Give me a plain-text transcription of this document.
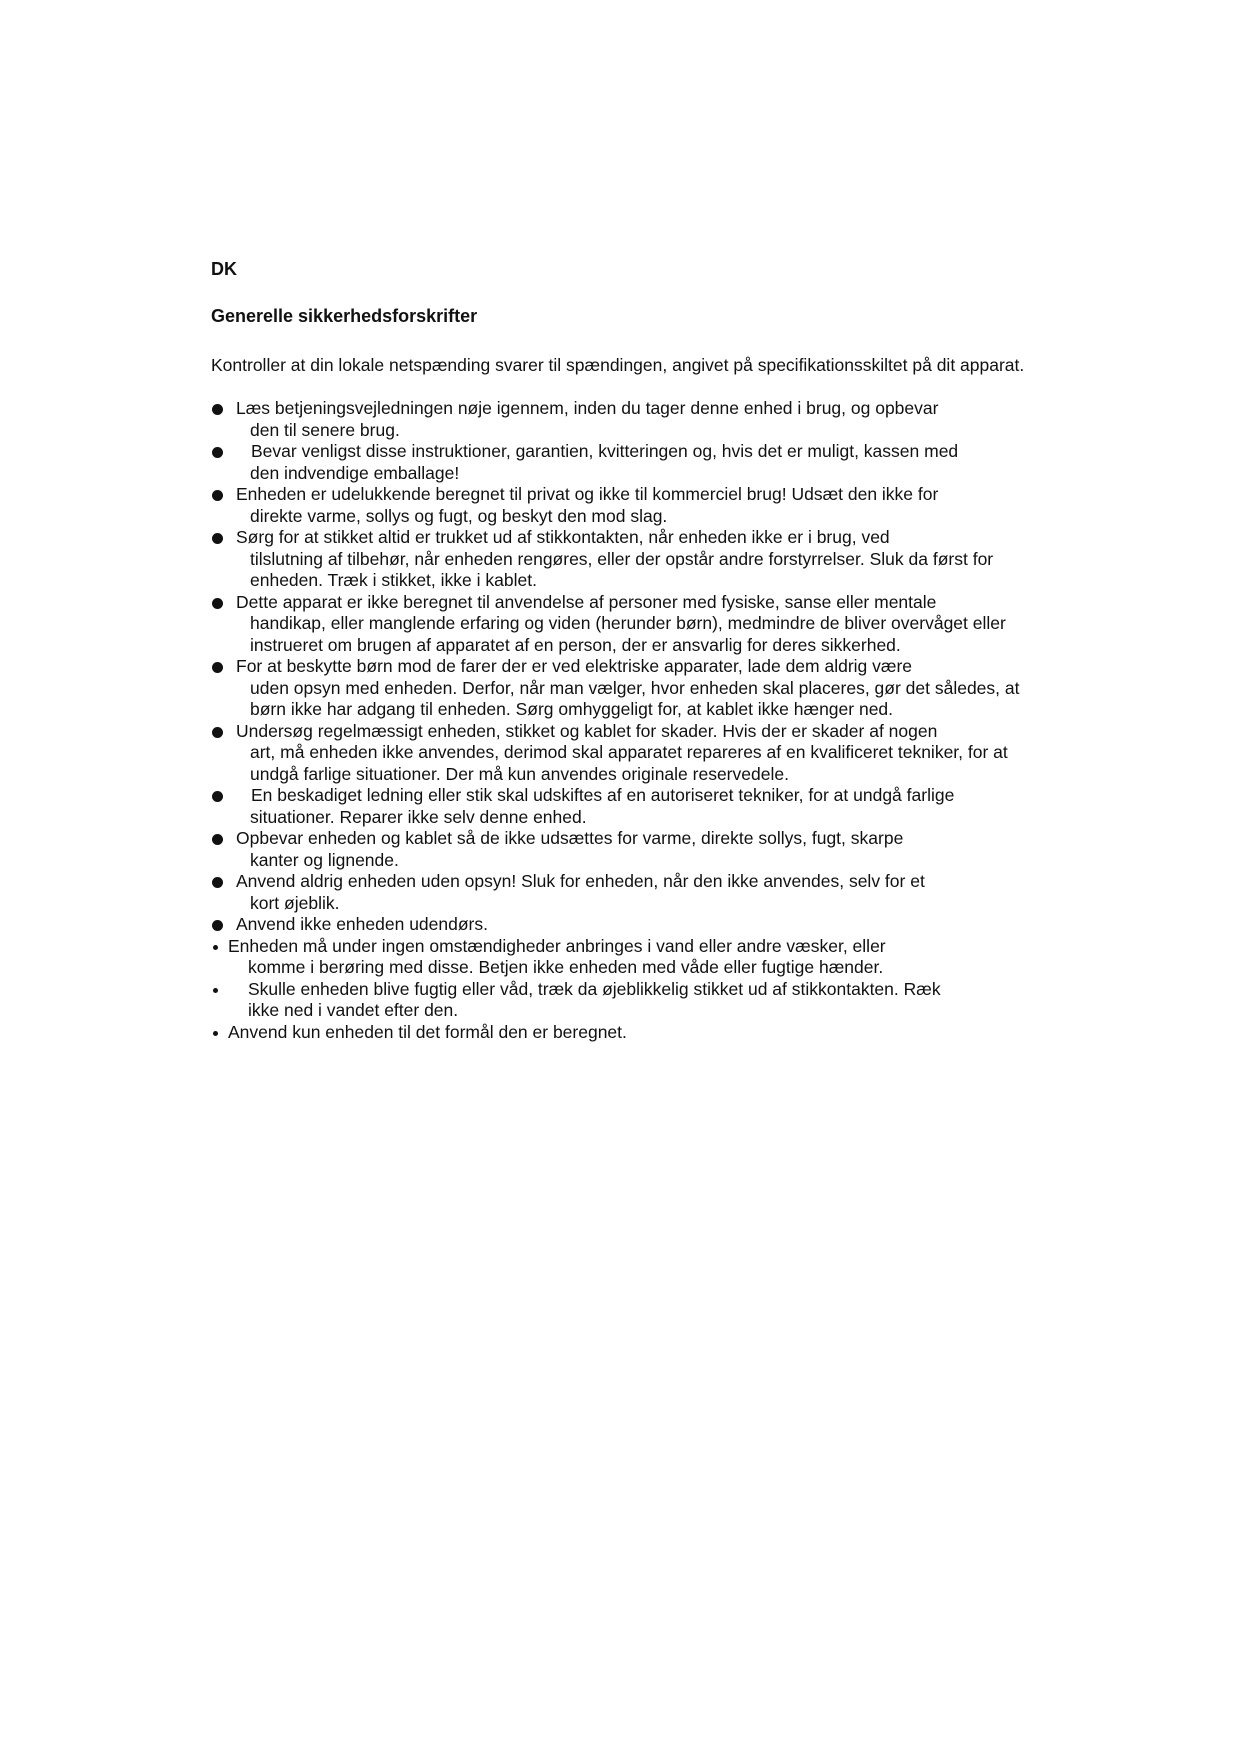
DK

Generelle sikkerhedsforskrifter

Kontroller at din lokale netspænding svarer til spændingen, angivet på specifikationsskiltet på dit apparat.

Læs betjeningsvejledningen nøje igennem, inden du tager denne enhed i brug, og opbevar
den til senere brug.
Bevar venligst disse instruktioner, garantien, kvitteringen og, hvis det er muligt, kassen med
den indvendige emballage!
Enheden er udelukkende beregnet til privat og ikke til kommerciel brug! Udsæt den ikke for
direkte varme, sollys og fugt, og beskyt den mod slag.
Sørg for at stikket altid er trukket ud af stikkontakten, når enheden ikke er i brug, ved
tilslutning af tilbehør, når enheden rengøres, eller der opstår andre forstyrrelser. Sluk da først for enheden. Træk i stikket, ikke i kablet.
Dette apparat er ikke beregnet til anvendelse af personer med fysiske, sanse eller mentale
handikap, eller manglende erfaring og viden (herunder børn), medmindre de bliver overvåget eller instrueret om brugen af apparatet af en person, der er ansvarlig for deres sikkerhed.
For at beskytte børn mod de farer der er ved elektriske apparater, lade dem aldrig være
uden opsyn med enheden. Derfor, når man vælger, hvor enheden skal placeres, gør det således, at børn ikke har adgang til enheden. Sørg omhyggeligt for, at kablet ikke hænger ned.
Undersøg regelmæssigt enheden, stikket og kablet for skader. Hvis der er skader af nogen
art, må enheden ikke anvendes, derimod skal apparatet repareres af en kvalificeret tekniker, for at undgå farlige situationer. Der må kun anvendes originale reservedele.
En beskadiget ledning eller stik skal udskiftes af en autoriseret tekniker, for at undgå farlige
situationer. Reparer ikke selv denne enhed.
Opbevar enheden og kablet så de ikke udsættes for varme, direkte sollys, fugt, skarpe
kanter og lignende.
Anvend aldrig enheden uden opsyn! Sluk for enheden, når den ikke anvendes, selv for et
kort øjeblik.
Anvend ikke enheden udendørs.
Enheden må under ingen omstændigheder anbringes i vand eller andre væsker, eller
komme i berøring med disse. Betjen ikke enheden med våde eller fugtige hænder.
Skulle enheden blive fugtig eller våd, træk da øjeblikkelig stikket ud af stikkontakten. Ræk
ikke ned i vandet efter den.
Anvend kun enheden til det formål den er beregnet.
